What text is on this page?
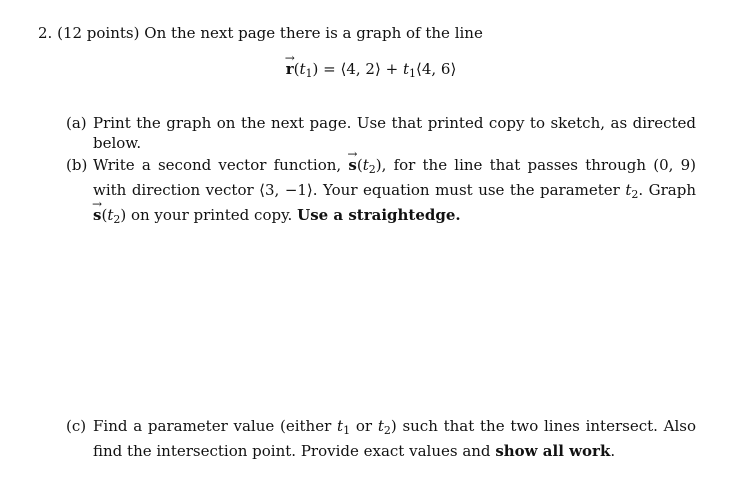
2. (12 points) On the next page there is a graph of the line
→ $r(t_1)$ = ⟨4, 2⟩ + $t_1⟨4$, 6⟩
(a) Print the graph on the next page. Use that printed copy to sketch, as directed below.
(b) Write a second vector function, → $s(t_2)$, for the line that passes through (0, 9) with direction vector ⟨3, −1⟩. Your equation must use the parameter $t_2$. Graph → $s(t_2)$ on your printed copy. Use a straightedge.
(c) Find a parameter value (either $t_1$ or $t_2$) such that the two lines intersect. Also find the intersection point. Provide exact values and show all work.
